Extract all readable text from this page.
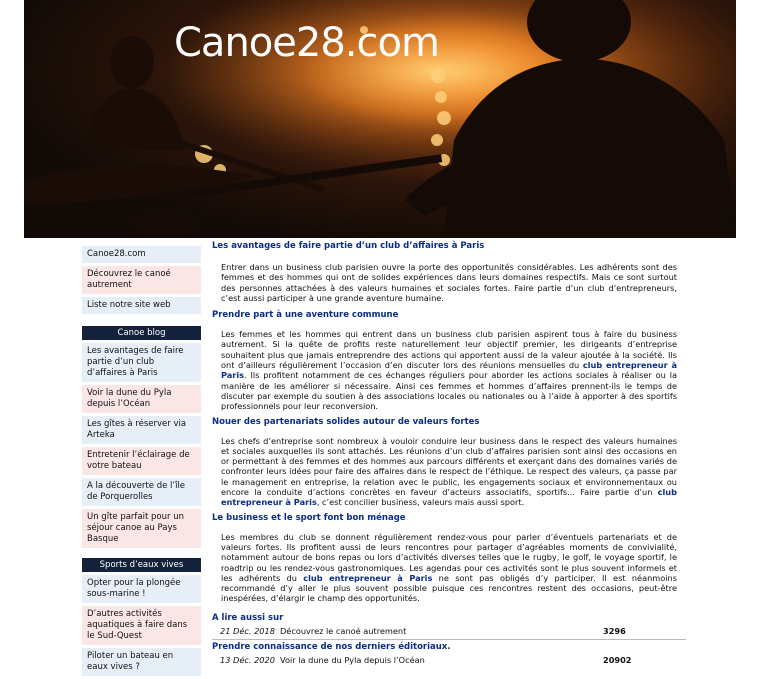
Canoe28.com
Canoe28.com
Découvrez le canoé autrement
Liste notre site web
Canoe blog
Les avantages de faire partie d’un club d’affaires à Paris
Voir la dune du Pyla depuis l’Océan
Les gîtes à réserver via Arteka
Entretenir l’éclairage de votre bateau
A la découverte de l’île de Porquerolles
Un gîte parfait pour un séjour canoe au Pays Basque
Sports d’eaux vives
Opter pour la plongée sous-marine !
D’autres activités aquatiques à faire dans le Sud-Quest
Piloter un bateau en eaux vives ?
Les avantages de faire partie d’un club d’affaires à Paris

Entrer dans un business club parisien ouvre la porte des opportunités considérables. Les adhérents sont des femmes et des hommes qui ont de solides expériences dans leurs domaines respectifs. Mais ce sont surtout des personnes attachées à des valeurs humaines et sociales fortes. Faire partie d’un club d’entrepreneurs, c’est aussi participer à une grande aventure humaine.

Prendre part à une aventure commune

Les femmes et les hommes qui entrent dans un business club parisien aspirent tous à faire du business autrement. Si la quête de profits reste naturellement leur objectif premier, les dirigeants d’entreprise souhaitent plus que jamais entreprendre des actions qui apportent aussi de la valeur ajoutée à la société. Ils ont d’ailleurs régulièrement l’occasion d’en discuter lors des réunions mensuelles du club entrepreneur à Paris. Ils profitent notamment de ces échanges réguliers pour aborder les actions sociales à réaliser ou la manière de les améliorer si nécessaire. Ainsi ces femmes et hommes d’affaires prennent-ils le temps de discuter par exemple du soutien à des associations locales ou nationales ou à l’aide à apporter à des sportifs professionnels pour leur reconversion.

Nouer des partenariats solides autour de valeurs fortes

Les chefs d’entreprise sont nombreux à vouloir conduire leur business dans le respect des valeurs humaines et sociales auxquelles ils sont attachés. Les réunions d’un club d’affaires parisien sont ainsi des occasions en or permettant à des femmes et des hommes aux parcours différents et exerçant dans des domaines variés de confronter leurs idées pour faire des affaires dans le respect de l’éthique. Le respect des valeurs, ça passe par le management en entreprise, la relation avec le public, les engagements sociaux et environnementaux ou encore la conduite d’actions concrètes en faveur d’acteurs associatifs, sportifs... Faire partie d’un club entrepreneur à Paris, c’est concilier business, valeurs mais aussi sport.

Le business et le sport font bon ménage

Les membres du club se donnent régulièrement rendez-vous pour parler d’éventuels partenariats et de valeurs fortes. Ils profitent aussi de leurs rencontres pour partager d’agréables moments de convivialité, notamment autour de bons repas ou lors d’activités diverses telles que le rugby, le golf, le voyage sportif, le roadtrip ou les rendez-vous gastronomiques. Les agendas pour ces activités sont le plus souvent informels et les adhérents du club entrepreneur à Paris ne sont pas obligés d’y participer. Il est néanmoins recommandé d’y aller le plus souvent possible puisque ces rencontres restent des occasions, peut-être inespérées, d’élargir le champ des opportunités.

A lire aussi sur
21 Déc. 2018 Découvrez le canoé autrement	3296
Prendre connaissance de nos derniers éditoriaux.
13 Déc. 2020 Voir la dune du Pyla depuis l’Océan	20902
